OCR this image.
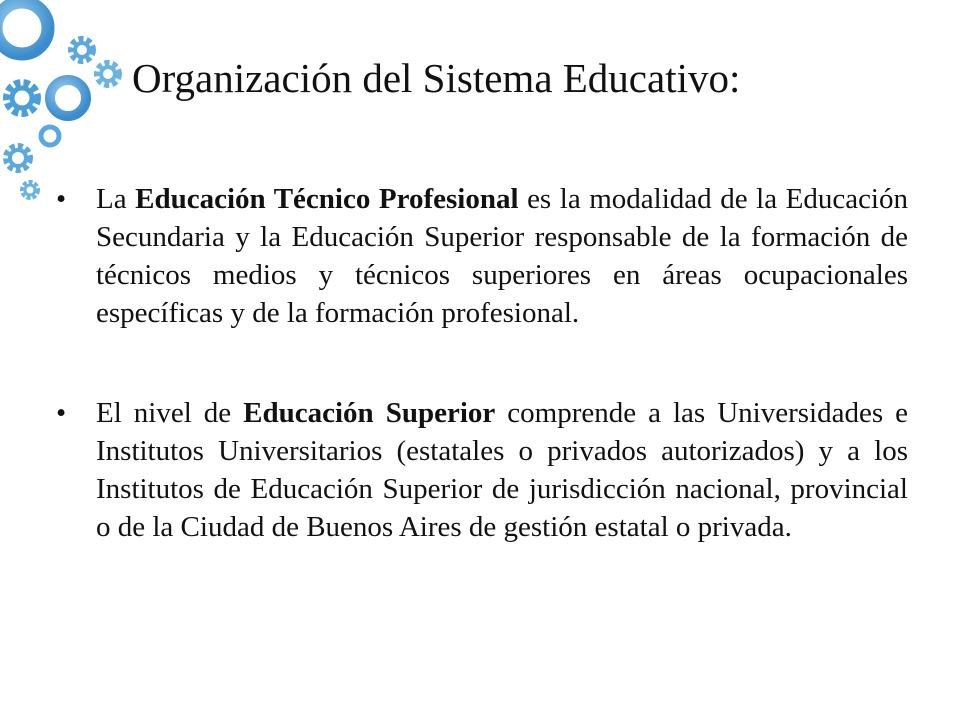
Organización del Sistema Educativo:
• La Educación Técnico Profesional es la modalidad de la Educación Secundaria y la Educación Superior responsable de la formación de técnicos medios y técnicos superiores en áreas ocupacionales específicas y de la formación profesional.
• El nivel de Educación Superior comprende a las Universidades e Institutos Universitarios (estatales o privados autorizados) y a los Institutos de Educación Superior de jurisdicción nacional, provincial o de la Ciudad de Buenos Aires de gestión estatal o privada.
